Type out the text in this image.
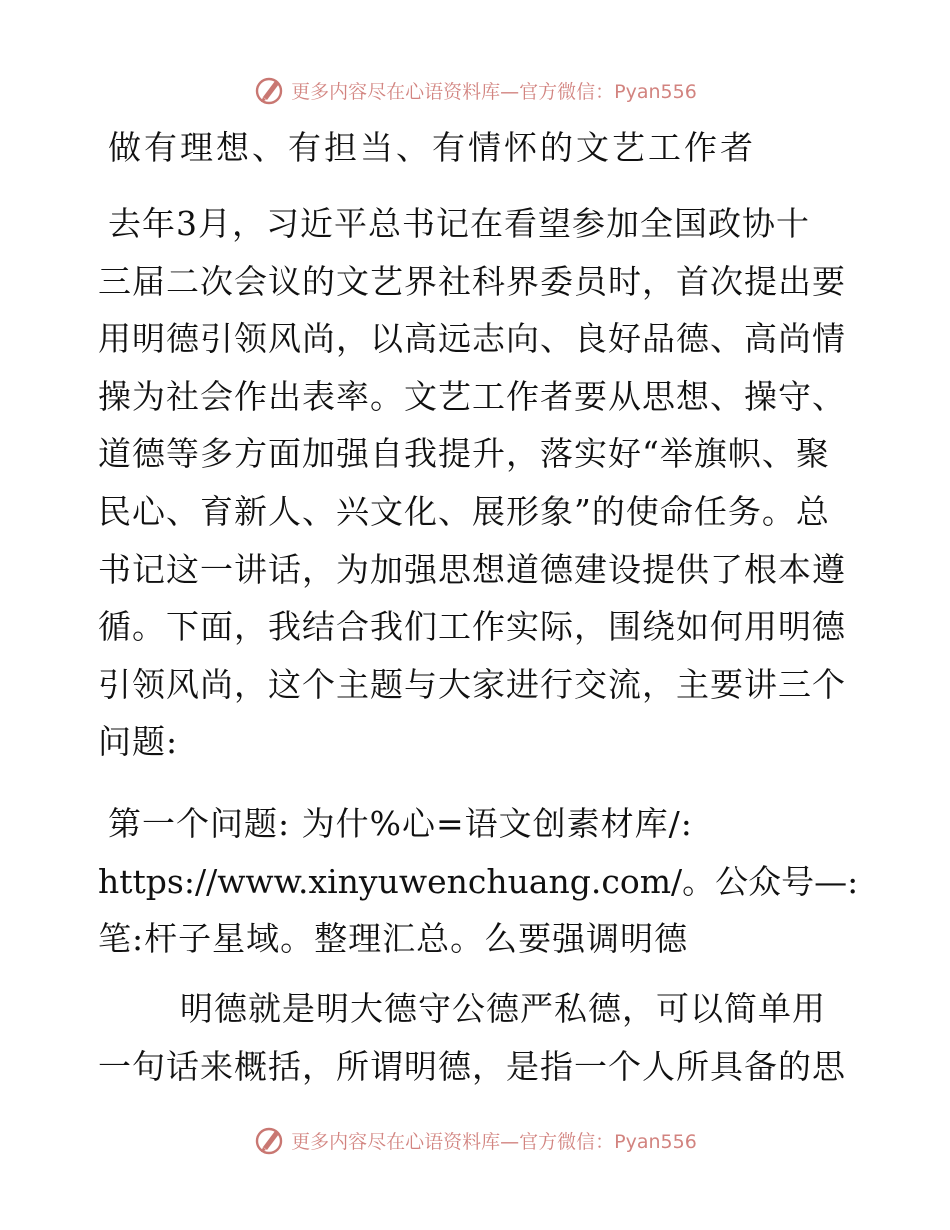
更多内容尽在心语资料库—官方微信：Pyan556
做有理想、有担当、有情怀的文艺工作者
去年3月，习近平总书记在看望参加全国政协十
三届二次会议的文艺界社科界委员时，首次提出要
用明德引领风尚，以高远志向、良好品德、高尚情
操为社会作出表率。文艺工作者要从思想、操守、
道德等多方面加强自我提升，落实好“举旗帜、聚
民心、育新人、兴文化、展形象”的使命任务。总
书记这一讲话，为加强思想道德建设提供了根本遵
循。下面，我结合我们工作实际，围绕如何用明德
引领风尚，这个主题与大家进行交流，主要讲三个
问题:
第一个问题: 为什%心=语文创素材库/:
https://www.xinyuwenchuang.com/。公众号—:
笔:杆子星域。整理汇总。么要强调明德
明德就是明大德守公德严私德，可以简单用
一句话来概括，所谓明德，是指一个人所具备的思
更多内容尽在心语资料库—官方微信：Pyan556
